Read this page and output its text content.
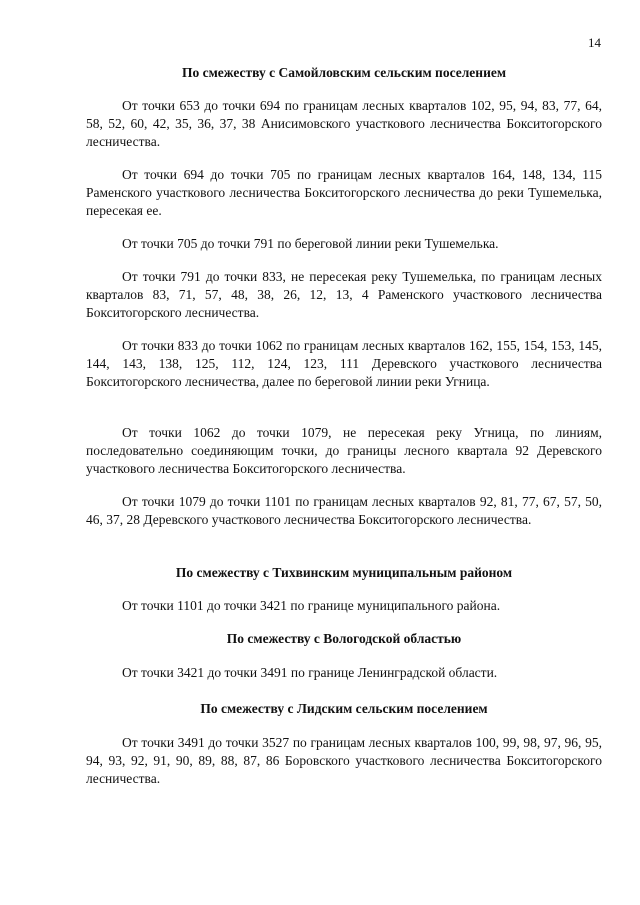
14
По смежеству с Самойловским сельским поселением

От точки 653 до точки 694 по границам лесных кварталов 102, 95, 94, 83, 77, 64, 58, 52, 60, 42, 35, 36, 37, 38 Анисимовского участкового лесничества Бокситогорского лесничества.

От точки 694 до точки 705 по границам лесных кварталов 164, 148, 134, 115 Раменского участкового лесничества Бокситогорского лесничества до реки Тушемелька, пересекая ее.

От точки 705 до точки 791 по береговой линии реки Тушемелька.

От точки 791 до точки 833, не пересекая реку Тушемелька, по границам лесных кварталов 83, 71, 57, 48, 38, 26, 12, 13, 4 Раменского участкового лесничества Бокситогорского лесничества.

От точки 833 до точки 1062 по границам лесных кварталов 162, 155, 154, 153, 145, 144, 143, 138, 125, 112, 124, 123, 111 Деревского участкового лесничества Бокситогорского лесничества, далее по береговой линии реки Угница.

От точки 1062 до точки 1079, не пересекая реку Угница, по линиям, последовательно соединяющим точки, до границы лесного квартала 92 Деревского участкового лесничества Бокситогорского лесничества.

От точки 1079 до точки 1101 по границам лесных кварталов 92, 81, 77, 67, 57, 50, 46, 37, 28 Деревского участкового лесничества Бокситогорского лесничества.

По смежеству с Тихвинским муниципальным районом

От точки 1101 до точки 3421 по границе муниципального района.

По смежеству с Вологодской областью

От точки 3421 до точки 3491 по границе Ленинградской области.

По смежеству с Лидским сельским поселением

От точки 3491 до точки 3527 по границам лесных кварталов 100, 99, 98, 97, 96, 95, 94, 93, 92, 91, 90, 89, 88, 87, 86 Боровского участкового лесничества Бокситогорского лесничества.
